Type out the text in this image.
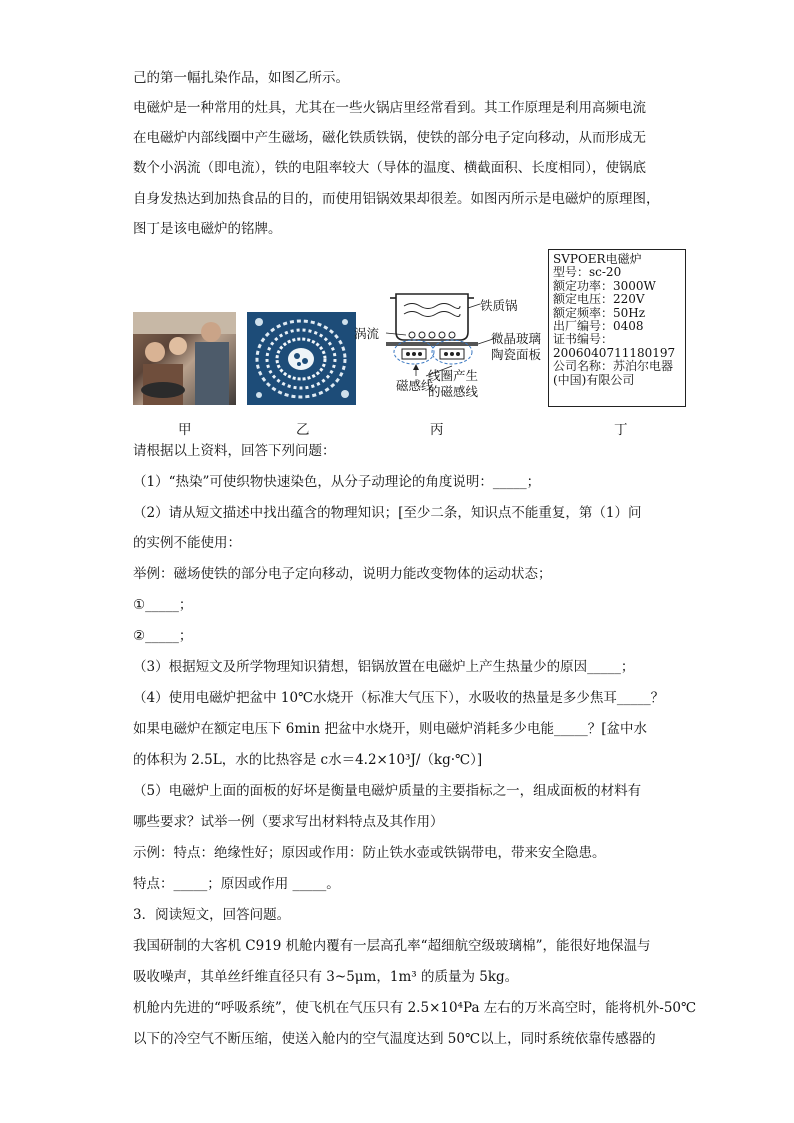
己的第一幅扎染作品，如图乙所示。
电磁炉是一种常用的灶具，尤其在一些火锅店里经常看到。其工作原理是利用高频电流
在电磁炉内部线圈中产生磁场，磁化铁质铁锅，使铁的部分电子定向移动，从而形成无
数个小涡流（即电流），铁的电阻率较大（导体的温度、横截面积、长度相同），使锅底
自身发热达到加热食品的目的，而使用铝锅效果却很差。如图丙所示是电磁炉的原理图，
图丁是该电磁炉的铭牌。
铁质锅
涡流	微晶玻璃
陶瓷面板
磁感线
线圈产生
的磁感线
SVPOER电磁炉
型号：sc-20
额定功率：3000W
额定电压：220V
额定频率：50Hz
出厂编号：0408
证书编号：
2006040711180197
公司名称：苏泊尔电器
(中国)有限公司
甲	乙	丙	丁
请根据以上资料，回答下列问题：
（1）“热染”可使织物快速染色，从分子动理论的角度说明：_____；
（2）请从短文描述中找出蕴含的物理知识；[至少二条，知识点不能重复，第（1）问
的实例不能使用：
举例：磁场使铁的部分电子定向移动，说明力能改变物体的运动状态；
①_____；
②_____；
（3）根据短文及所学物理知识猜想，铝锅放置在电磁炉上产生热量少的原因_____；
（4）使用电磁炉把盆中 10℃水烧开（标准大气压下），水吸收的热量是多少焦耳_____？
如果电磁炉在额定电压下 6min 把盆中水烧开，则电磁炉消耗多少电能_____？[盆中水
的体积为 2.5L，水的比热容是 c水＝4.2×10³J/（kg·℃）]
（5）电磁炉上面的面板的好坏是衡量电磁炉质量的主要指标之一，组成面板的材料有
哪些要求？试举一例（要求写出材料特点及其作用）
示例：特点：绝缘性好；原因或作用：防止铁水壶或铁锅带电，带来安全隐患。
特点：_____；原因或作用 _____。
3．阅读短文，回答问题。
我国研制的大客机 C919 机舱内覆有一层高孔率“超细航空级玻璃棉”，能很好地保温与
吸收噪声，其单丝纤维直径只有 3~5μm，1m³ 的质量为 5kg。
机舱内先进的“呼吸系统”，使飞机在气压只有 2.5×10⁴Pa 左右的万米高空时，能将机外-50℃
以下的冷空气不断压缩，使送入舱内的空气温度达到 50℃以上，同时系统依靠传感器的
